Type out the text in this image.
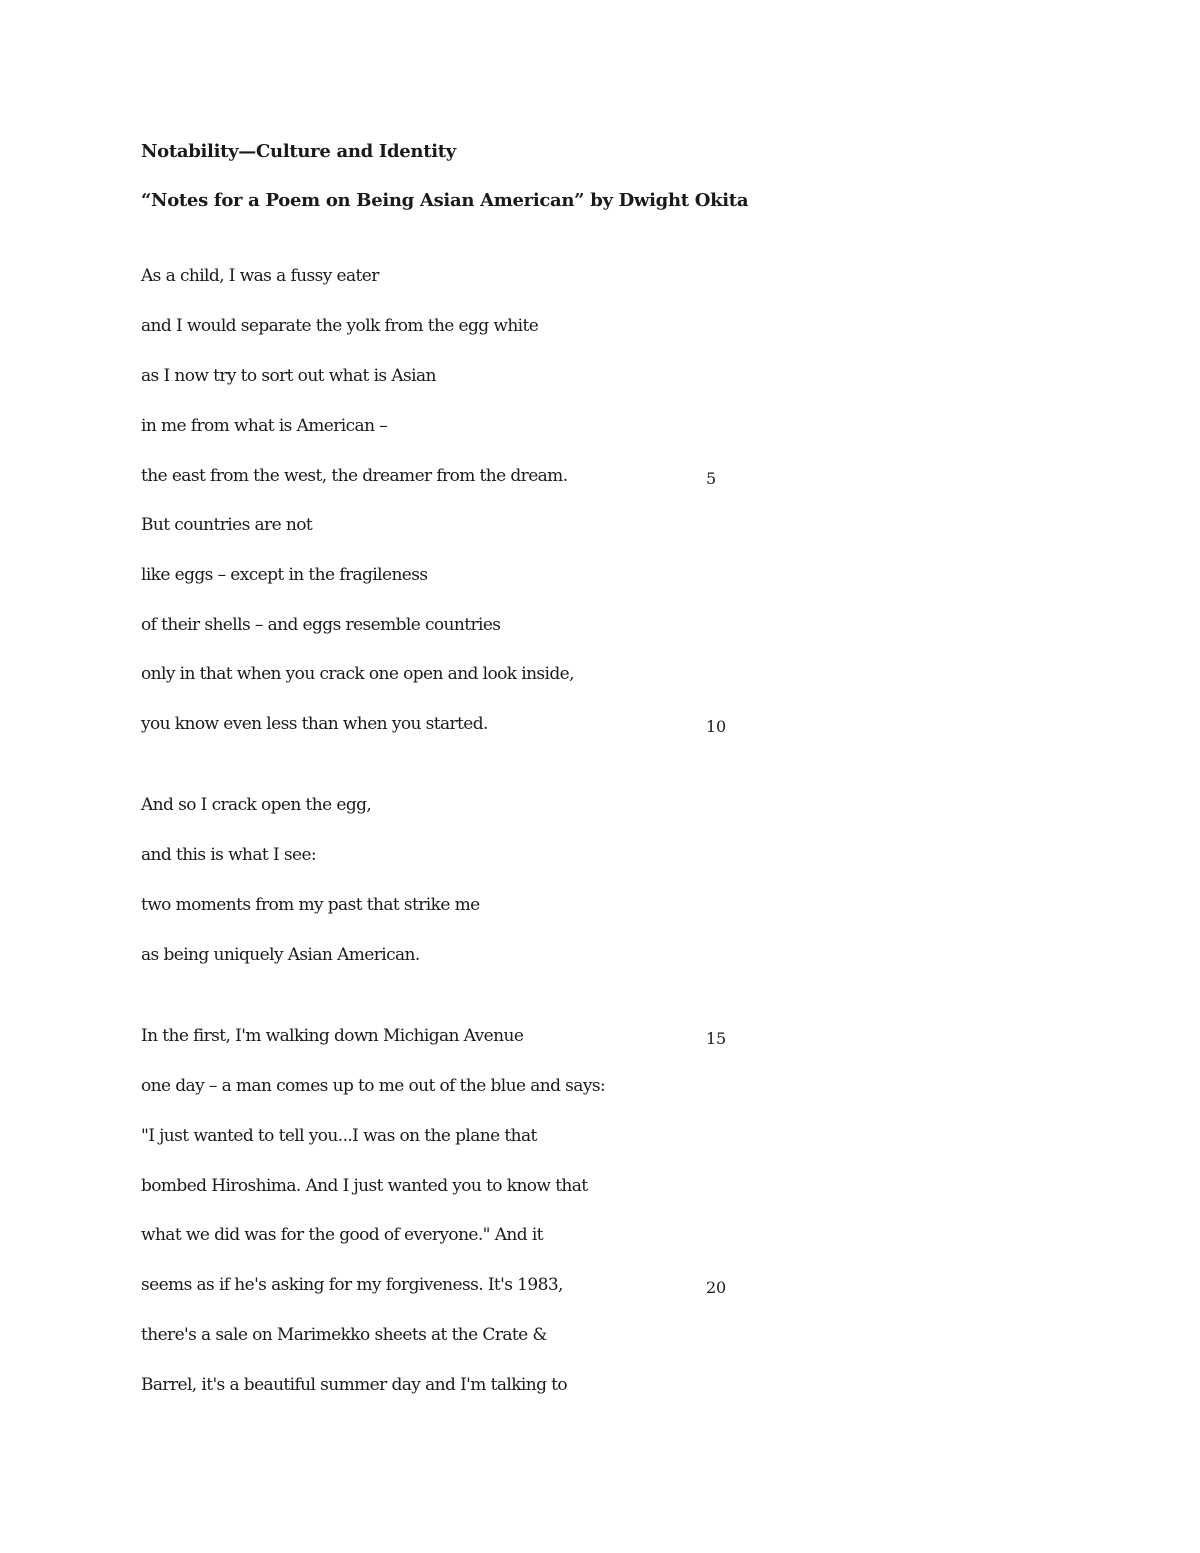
Notability—Culture and Identity
“Notes for a Poem on Being Asian American” by Dwight Okita
As a child, I was a fussy eater
and I would separate the yolk from the egg white
as I now try to sort out what is Asian
in me from what is American –
the east from the west, the dreamer from the dream.	5
But countries are not
like eggs – except in the fragileness
of their shells – and eggs resemble countries
only in that when you crack one open and look inside,
you know even less than when you started.	10
And so I crack open the egg,
and this is what I see:
two moments from my past that strike me
as being uniquely Asian American.
In the first, I'm walking down Michigan Avenue	15
one day – a man comes up to me out of the blue and says:
"I just wanted to tell you...I was on the plane that
bombed Hiroshima. And I just wanted you to know that
what we did was for the good of everyone." And it
seems as if he's asking for my forgiveness. It's 1983,	20
there's a sale on Marimekko sheets at the Crate &
Barrel, it's a beautiful summer day and I'm talking to
